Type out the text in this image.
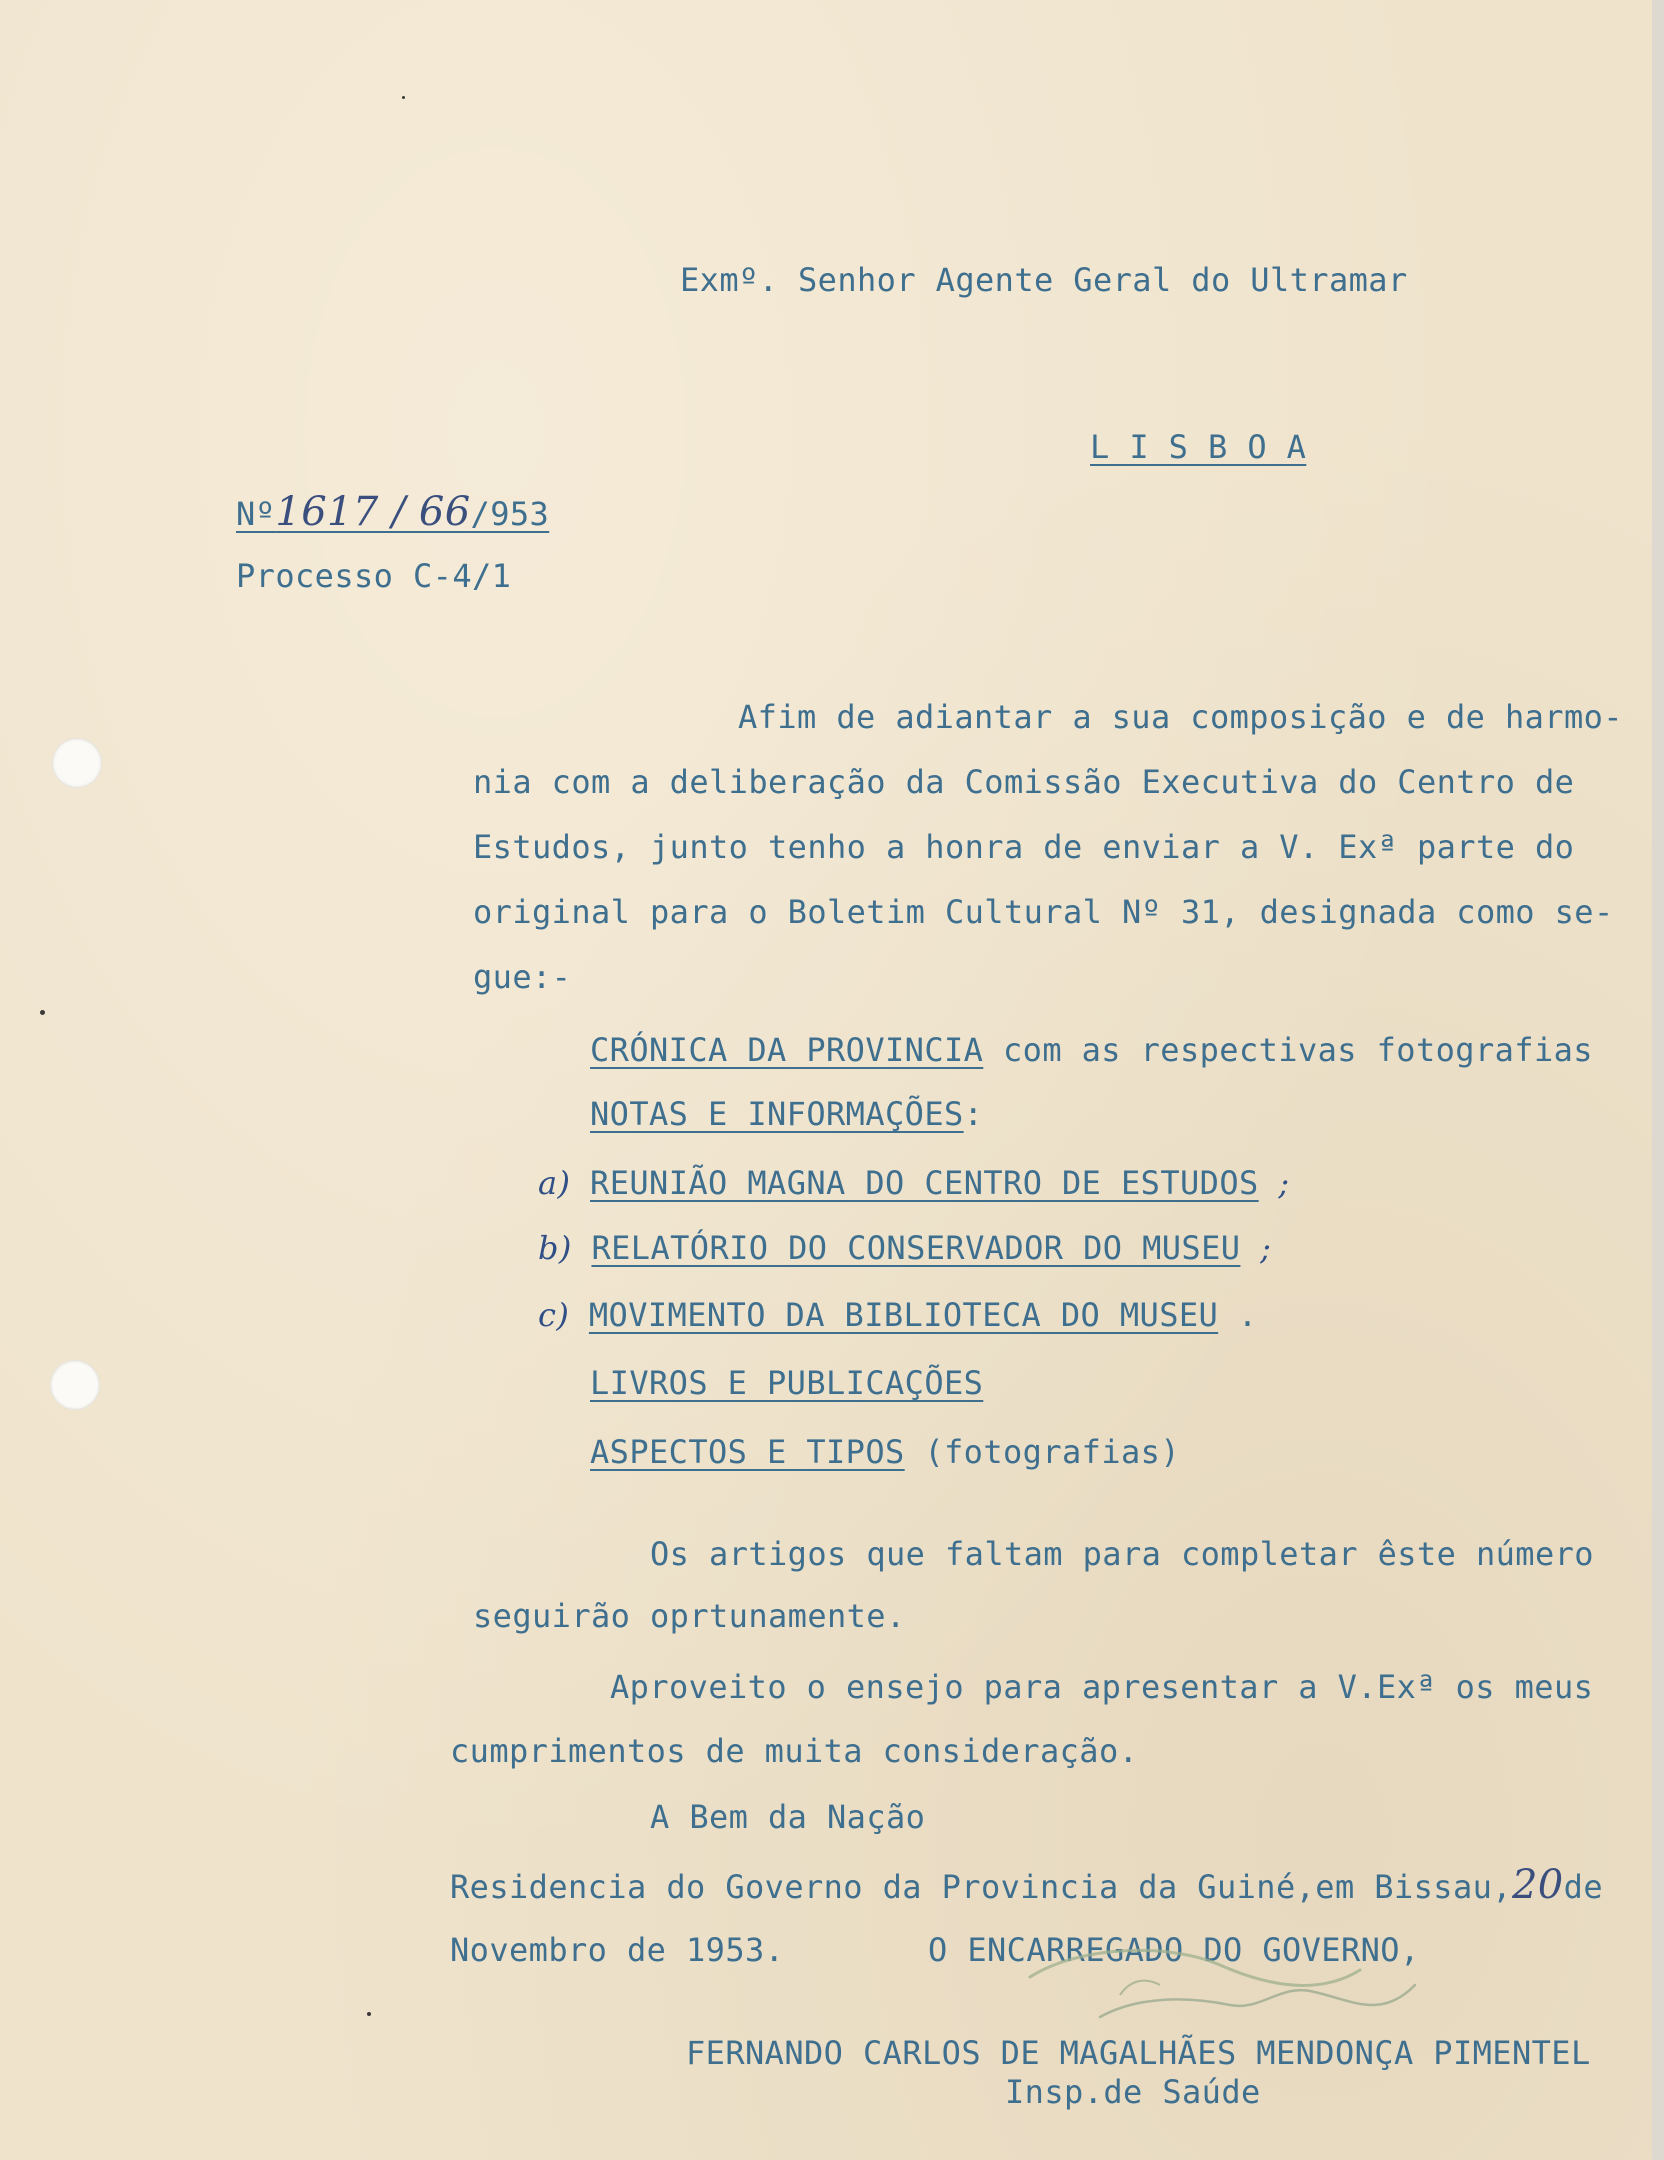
Exmº. Senhor Agente Geral do Ultramar
L I S B O A
Nº1617 / 66/953
Processo C-4/1
Afim de adiantar a sua composição e de harmo-
nia com a deliberação da Comissão Executiva do Centro de
Estudos, junto tenho a honra de enviar a V. Exª parte do
original para o Boletim Cultural Nº 31, designada como se-
gue:-
CRÓNICA DA PROVINCIA com as respectivas fotografias
NOTAS E INFORMAÇÕES:
a) REUNIÃO MAGNA DO CENTRO DE ESTUDOS ;
b) RELATÓRIO DO CONSERVADOR DO MUSEU ;
c) MOVIMENTO DA BIBLIOTECA DO MUSEU .
LIVROS E PUBLICAÇÕES
ASPECTOS E TIPOS (fotografias)
Os artigos que faltam para completar êste número
seguirão oprtunamente.
Aproveito o ensejo para apresentar a V.Exª os meus
cumprimentos de muita consideração.
A Bem da Nação
Residencia do Governo da Provincia da Guiné,em Bissau,20de
Novembro de 1953.	O ENCARREGADO DO GOVERNO,
FERNANDO CARLOS DE MAGALHÃES MENDONÇA PIMENTEL
Insp.de Saúde
